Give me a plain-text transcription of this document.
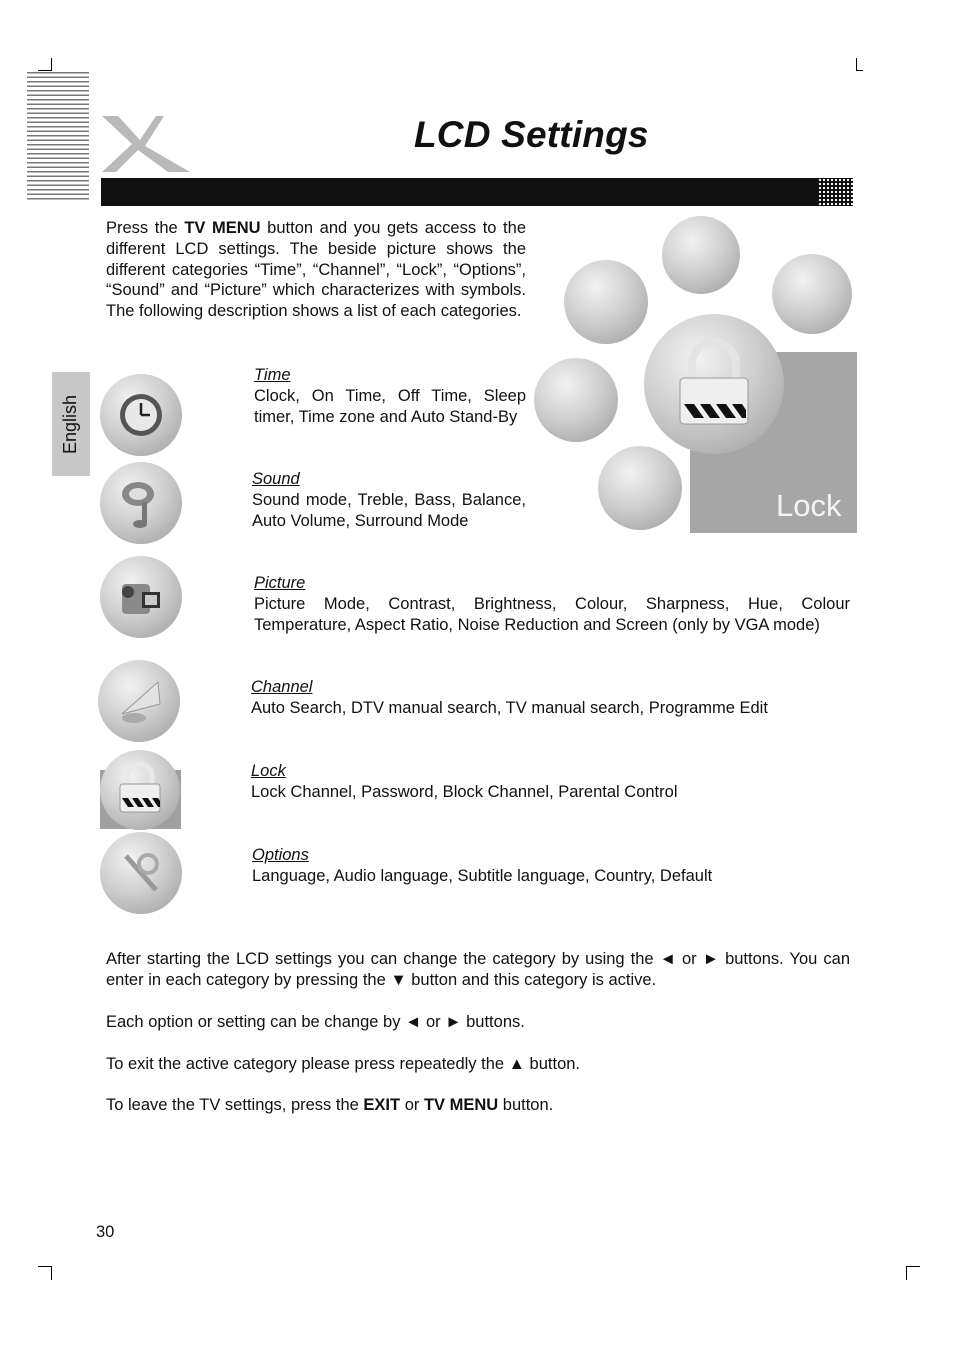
LCD Settings
English
Press the TV MENU button and you gets access to the different LCD settings. The beside picture shows the different categories “Time”, “Channel”, “Lock”, “Options”, “Sound” and “Picture” which characterizes with symbols. The following description shows a list of each categories.
Lock
Time
Clock, On Time, Off Time, Sleep timer, Time zone and Auto Stand-By
Sound
Sound mode, Treble, Bass, Balance, Auto Volume, Surround Mode
Picture
Picture Mode, Contrast, Brightness, Colour, Sharpness, Hue, Colour Temperature, Aspect Ratio, Noise Reduction and Screen (only by VGA mode)
Channel
Auto Search, DTV manual search, TV manual search, Programme Edit
Lock
Lock Channel, Password, Block Channel, Parental Control
Options
Language, Audio language, Subtitle language, Country, Default
After starting the LCD settings you can change the category by using the ◄ or ► buttons. You can enter in each category by pressing the ▼ button and this category is active.
Each option or setting can be change by ◄ or ► buttons.
To exit the active category please press repeatedly the ▲ button.
To leave the TV settings, press the EXIT or TV MENU button.
30
